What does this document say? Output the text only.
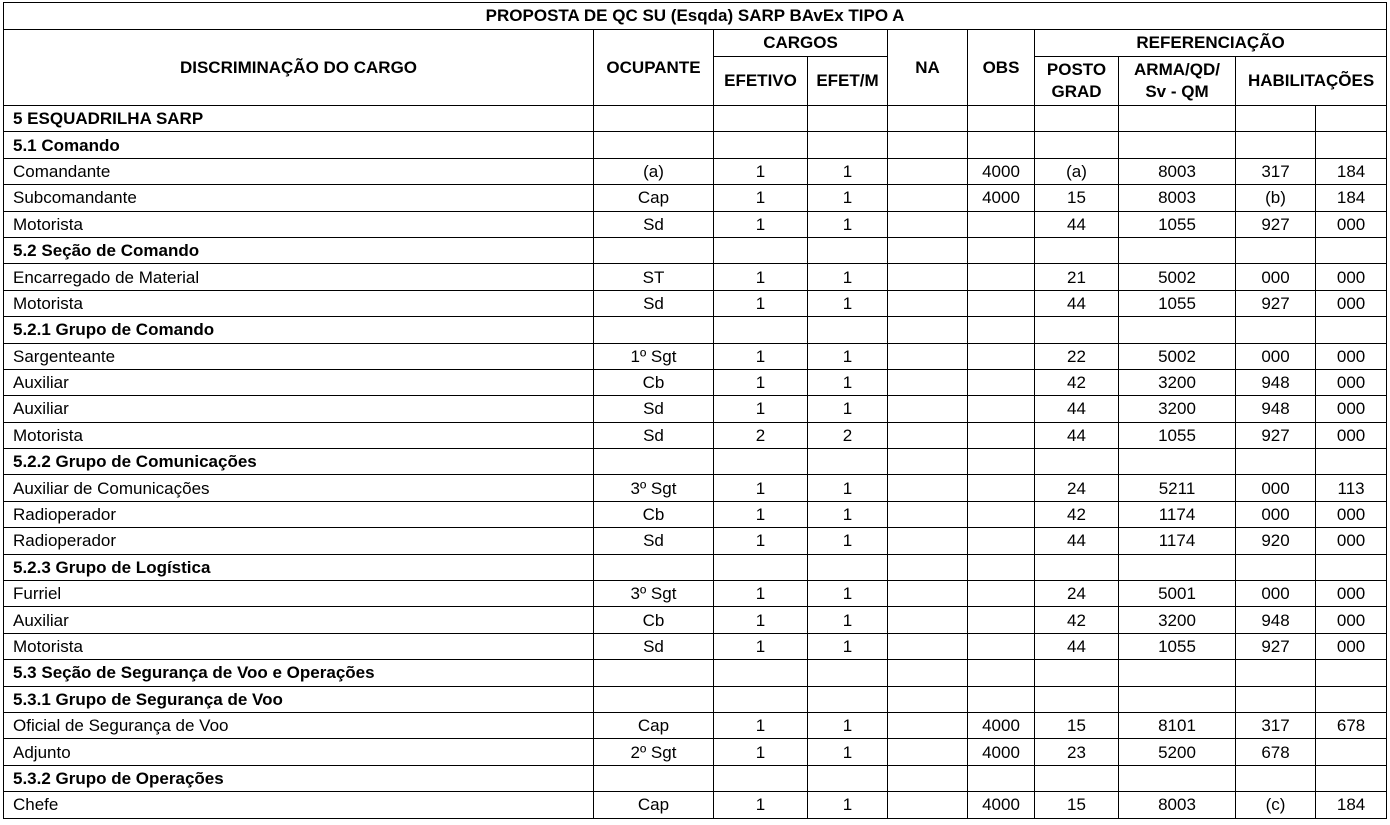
PROPOSTA DE QC SU (Esqda) SARP BAvEx TIPO A									
DISCRIMINAÇÃO DO CARGO	OCUPANTE	CARGOS		NA	OBS	REFERENCIAÇÃO			
		EFETIVO	EFET/M			POSTO
GRAD	ARMA/QD/
Sv - QM	HABILITAÇÕES	
5 ESQUADRILHA SARP									
5.1 Comando									
Comandante	(a)	1	1		4000	(a)	8003	317	184
Subcomandante	Cap	1	1		4000	15	8003	(b)	184
Motorista	Sd	1	1			44	1055	927	000
5.2 Seção de Comando									
Encarregado de Material	ST	1	1			21	5002	000	000
Motorista	Sd	1	1			44	1055	927	000
5.2.1 Grupo de Comando									
Sargenteante	1º Sgt	1	1			22	5002	000	000
Auxiliar	Cb	1	1			42	3200	948	000
Auxiliar	Sd	1	1			44	3200	948	000
Motorista	Sd	2	2			44	1055	927	000
5.2.2 Grupo de Comunicações									
Auxiliar de Comunicações	3º Sgt	1	1			24	5211	000	113
Radioperador	Cb	1	1			42	1174	000	000
Radioperador	Sd	1	1			44	1174	920	000
5.2.3 Grupo de Logística									
Furriel	3º Sgt	1	1			24	5001	000	000
Auxiliar	Cb	1	1			42	3200	948	000
Motorista	Sd	1	1			44	1055	927	000
5.3 Seção de Segurança de Voo e Operações									
5.3.1 Grupo de Segurança de Voo									
Oficial de Segurança de Voo	Cap	1	1		4000	15	8101	317	678
Adjunto	2º Sgt	1	1		4000	23	5200	678	
5.3.2 Grupo de Operações									
Chefe	Cap	1	1		4000	15	8003	(c)	184
